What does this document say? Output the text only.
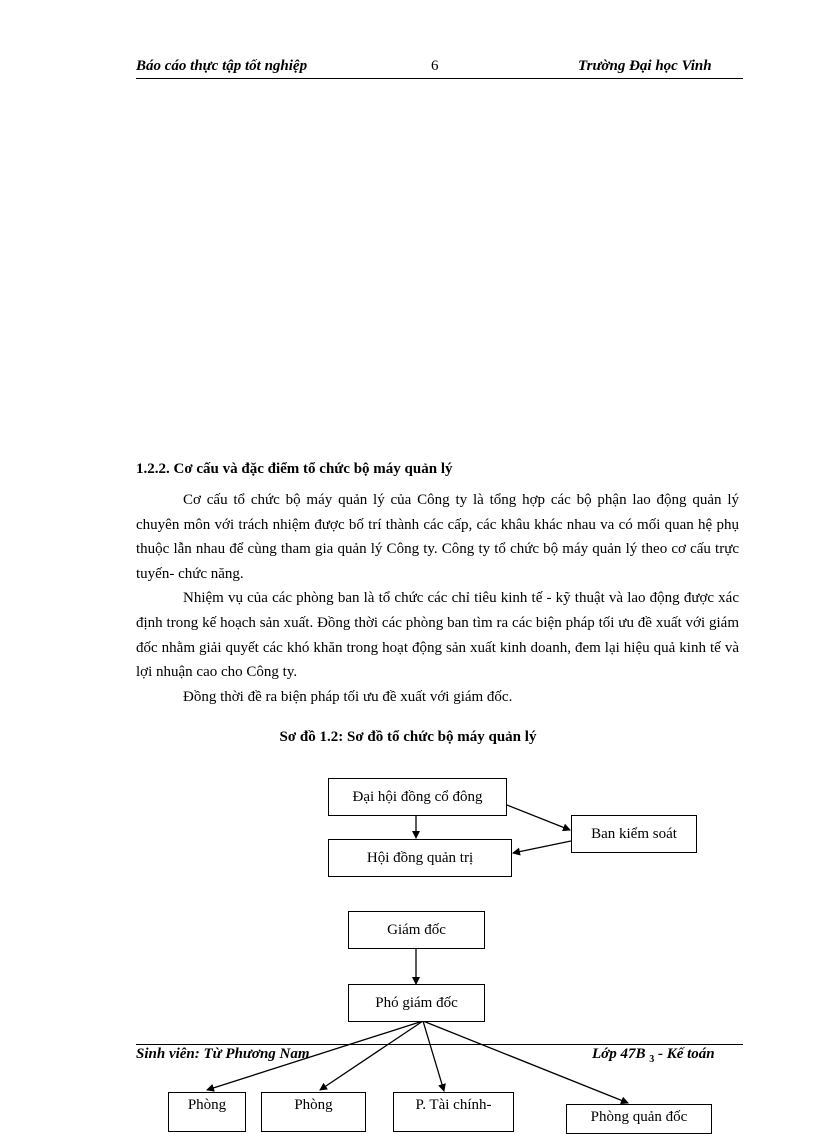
Báo cáo thực tập tốt nghiệp	6	Trường Đại học Vinh
1.2.2. Cơ cấu và đặc điểm tổ chức bộ máy quản lý

Cơ cấu tổ chức bộ máy quản lý của Công ty là tổng hợp các bộ phận lao động quản lý chuyên môn với trách nhiệm được bố trí thành các cấp, các khâu khác nhau va có mối quan hệ phụ thuộc lẫn nhau để cùng tham gia quản lý Công ty. Công ty tổ chức bộ máy quản lý theo cơ cấu trực tuyến- chức năng.

Nhiệm vụ của các phòng ban là tổ chức các chỉ tiêu kinh tế - kỹ thuật và lao động được xác định trong kế hoạch sản xuất. Đồng thời các phòng ban tìm ra các biện pháp tối ưu đề xuất với giám đốc nhằm giải quyết các khó khăn trong hoạt động sản xuất kinh doanh, đem lại hiệu quả kinh tế và lợi nhuận cao cho Công ty.

Đồng thời đề ra biện pháp tối ưu đề xuất với giám đốc.

Sơ đồ 1.2: Sơ đồ tổ chức bộ máy quản lý
Đại hội đồng cổ đông
Ban kiểm soát
Hội đồng quản trị
Giám đốc
Phó giám đốc
Phòng	Phòng	P. Tài chính-
Phòng quản đốc
Sinh viên: Từ Phương Nam	Lớp 47B $_3$ - Kế toán
